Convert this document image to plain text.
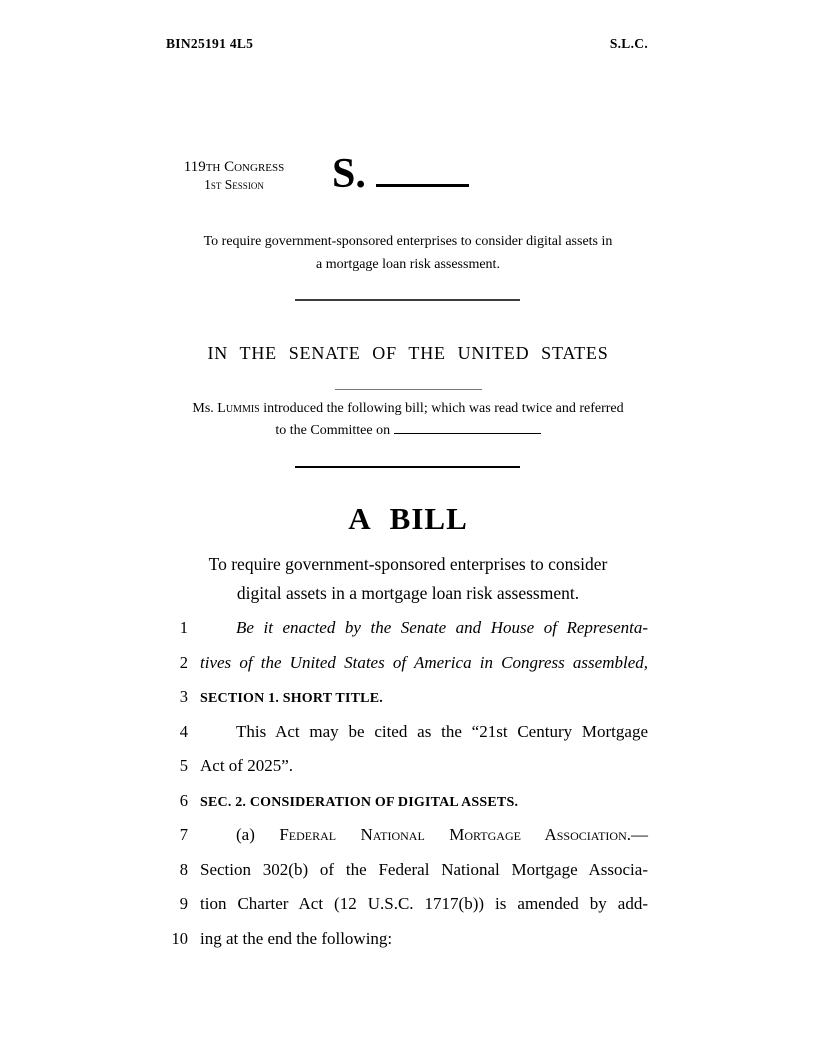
BIN25191 4L5	S.L.C.
119th Congress
1st Session	S.
To require government-sponsored enterprises to consider digital assets in
a mortgage loan risk assessment.
IN THE SENATE OF THE UNITED STATES
Ms. Lummis introduced the following bill; which was read twice and referred
to the Committee on
A BILL
To require government-sponsored enterprises to consider
digital assets in a mortgage loan risk assessment.
1	Be it enacted by the Senate and House of Representa-
2 tives of the United States of America in Congress assembled,
3 SECTION 1. SHORT TITLE.
4	This Act may be cited as the “21st Century Mortgage
5 Act of 2025”.
6 SEC. 2. CONSIDERATION OF DIGITAL ASSETS.
7	(a) Federal National Mortgage Association.—
8 Section 302(b) of the Federal National Mortgage Associa-
9 tion Charter Act (12 U.S.C. 1717(b)) is amended by add-
10 ing at the end the following:
